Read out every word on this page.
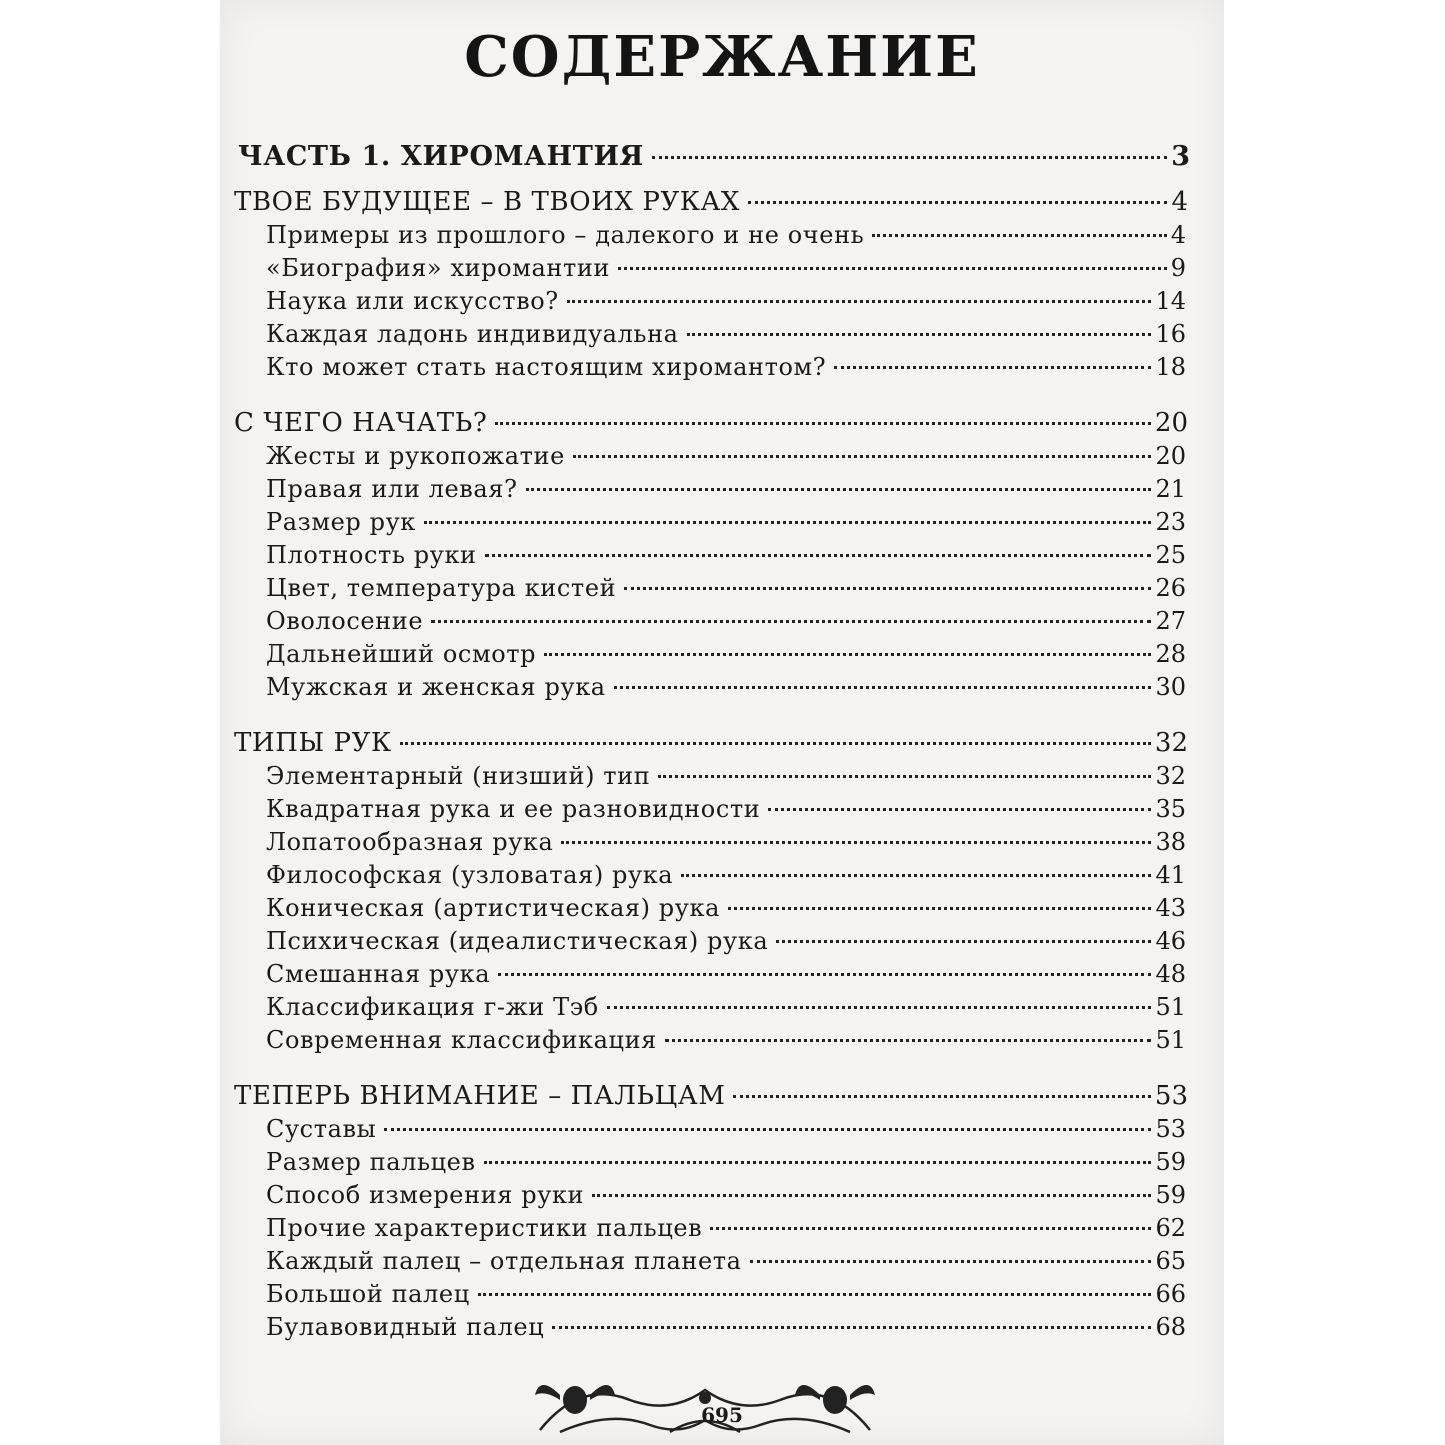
СОДЕРЖАНИЕ
ЧАСТЬ 1. ХИРОМАНТИЯ	3
ТВОЕ БУДУЩЕЕ – В ТВОИХ РУКАХ	4
Примеры из прошлого – далекого и не очень	4
«Биография» хиромантии	9
Наука или искусство?	14
Каждая ладонь индивидуальна	16
Кто может стать настоящим хиромантом?	18
С ЧЕГО НАЧАТЬ?	20
Жесты и рукопожатие	20
Правая или левая?	21
Размер рук	23
Плотность руки	25
Цвет, температура кистей	26
Оволосение	27
Дальнейший осмотр	28
Мужская и женская рука	30
ТИПЫ РУК	32
Элементарный (низший) тип	32
Квадратная рука и ее разновидности	35
Лопатообразная рука	38
Философская (узловатая) рука	41
Коническая (артистическая) рука	43
Психическая (идеалистическая) рука	46
Смешанная рука	48
Классификация г-жи Тэб	51
Современная классификация	51
ТЕПЕРЬ ВНИМАНИЕ – ПАЛЬЦАМ	53
Суставы	53
Размер пальцев	59
Способ измерения руки	59
Прочие характеристики пальцев	62
Каждый палец – отдельная планета	65
Большой палец	66
Булавовидный палец	68
695
